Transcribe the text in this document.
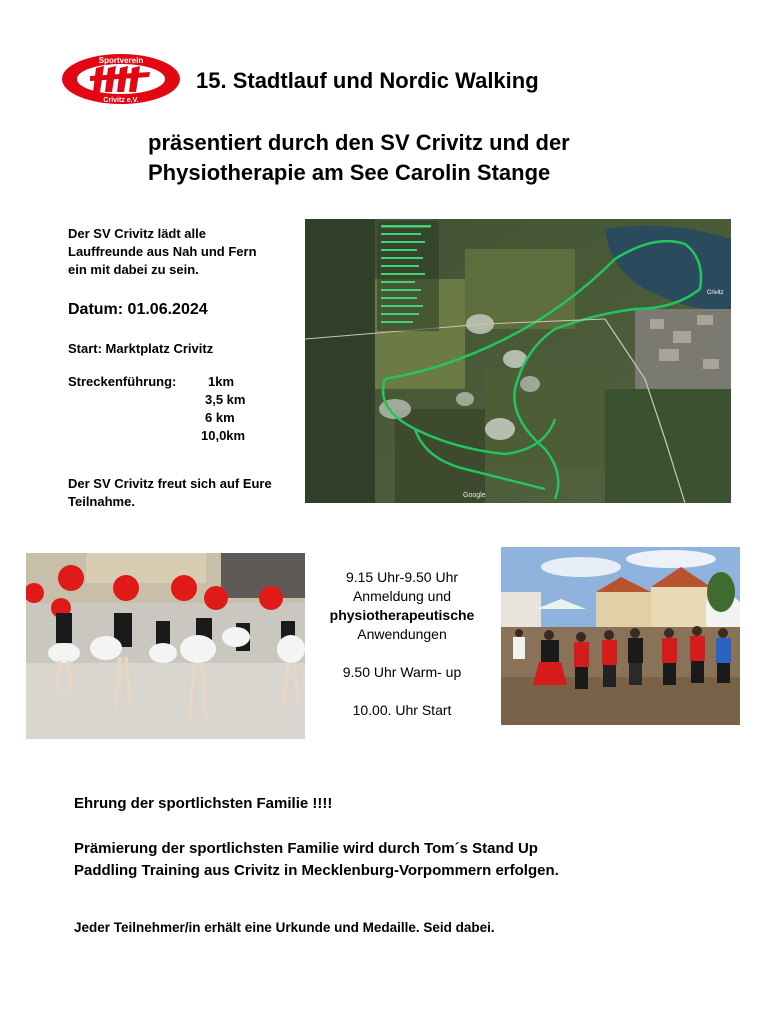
Sportverein
Crivitz e.V.
15. Stadtlauf und Nordic Walking
präsentiert durch den SV Crivitz und der
Physiotherapie am See Carolin Stange
Der SV Crivitz lädt alle
Lauffreunde aus Nah und Fern
ein mit dabei zu sein.
Datum: 01.06.2024
Start: Marktplatz Crivitz
Streckenführung:	1km
3,5 km
6 km
10,0km
Der SV Crivitz freut sich auf Eure
Teilnahme.	Google
Crivitz
9.15 Uhr-9.50 Uhr
Anmeldung und
physiotherapeutische
Anwendungen
9.50 Uhr Warm- up
10.00. Uhr Start
Ehrung der sportlichsten Familie !!!!
Prämierung der sportlichsten Familie wird durch Tom´s Stand Up
Paddling Training aus Crivitz in Mecklenburg-Vorpommern erfolgen.
Jeder Teilnehmer/in erhält eine Urkunde und Medaille. Seid dabei.
